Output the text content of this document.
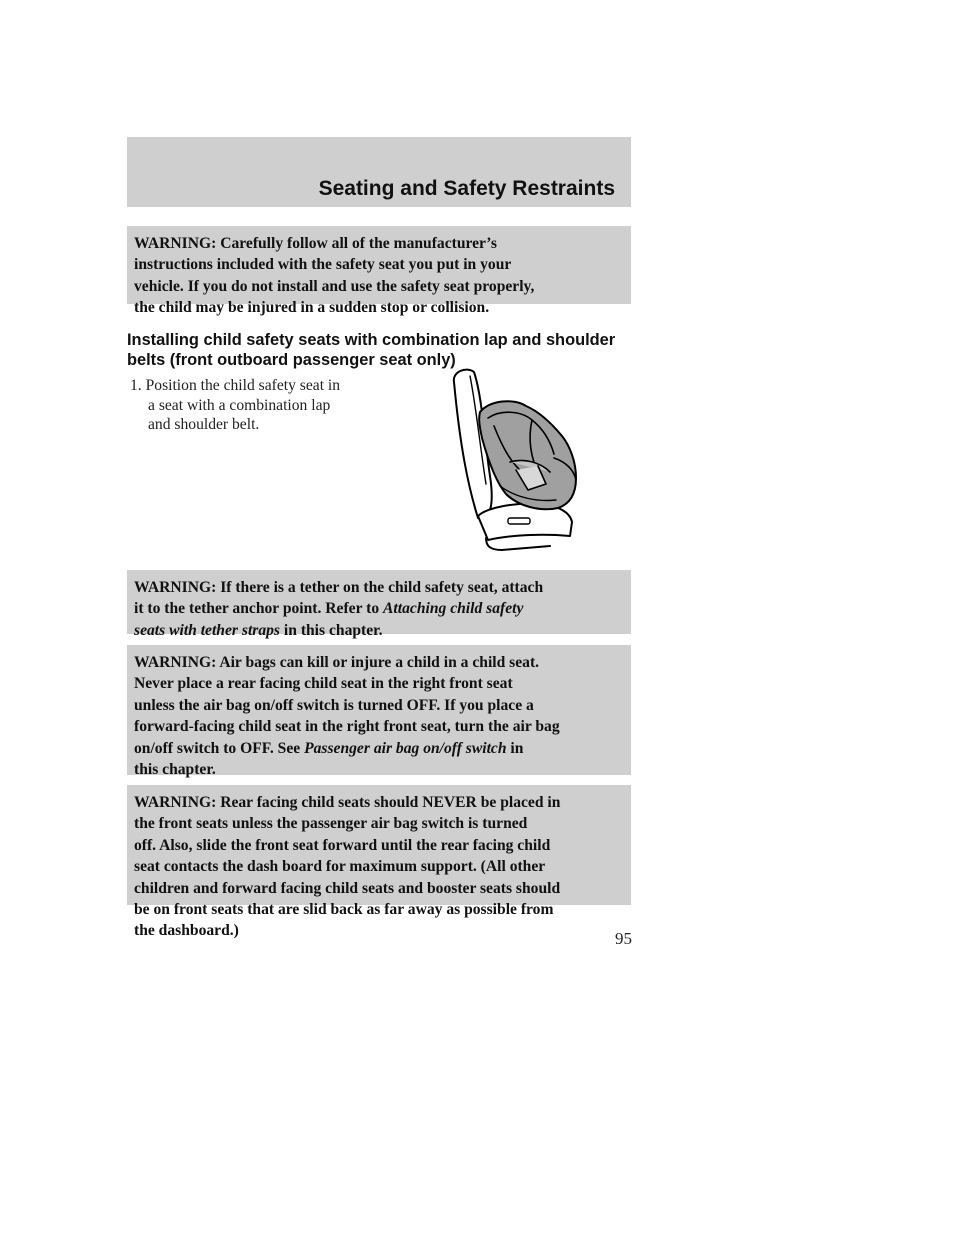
Seating and Safety Restraints
WARNING: Carefully follow all of the manufacturer’s
instructions included with the safety seat you put in your
vehicle. If you do not install and use the safety seat properly,
the child may be injured in a sudden stop or collision.
Installing child safety seats with combination lap and shoulder
belts (front outboard passenger seat only)
1. Position the child safety seat in
a seat with a combination lap
and shoulder belt.
WARNING: If there is a tether on the child safety seat, attach
it to the tether anchor point. Refer to Attaching child safety
seats with tether straps in this chapter.
WARNING: Air bags can kill or injure a child in a child seat.
Never place a rear facing child seat in the right front seat
unless the air bag on/off switch is turned OFF. If you place a
forward-facing child seat in the right front seat, turn the air bag
on/off switch to OFF. See Passenger air bag on/off switch in
this chapter.
WARNING: Rear facing child seats should NEVER be placed in
the front seats unless the passenger air bag switch is turned
off. Also, slide the front seat forward until the rear facing child
seat contacts the dash board for maximum support. (All other
children and forward facing child seats and booster seats should
be on front seats that are slid back as far away as possible from
the dashboard.)	95
